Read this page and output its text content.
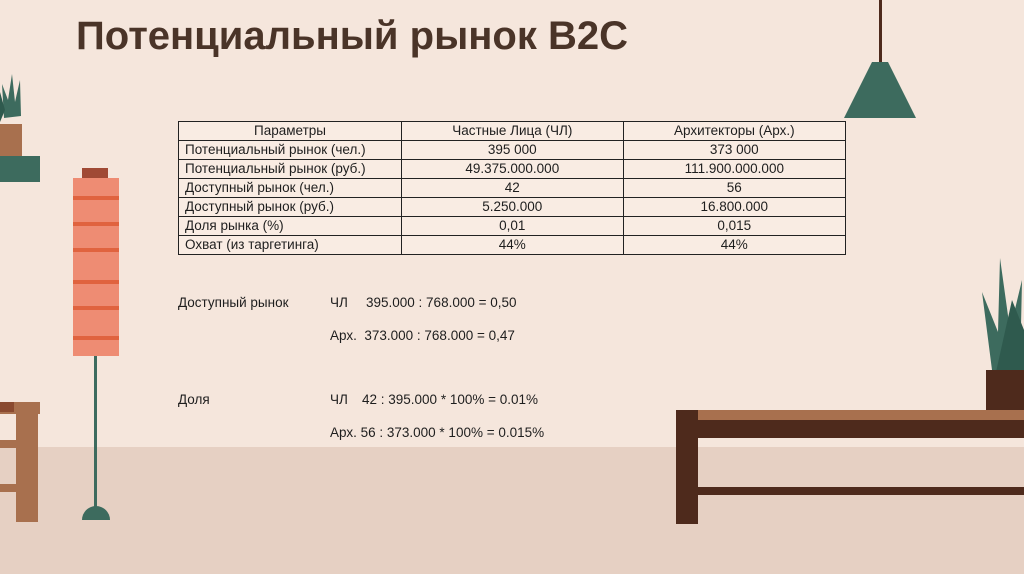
Потенциальный рынок B2C
Параметры	Частные Лица (ЧЛ)	Архитекторы (Арх.)
Потенциальный рынок (чел.)	395 000	373 000
Потенциальный рынок (руб.)	49.375.000.000	111.900.000.000
Доступный рынок (чел.)	42	56
Доступный рынок (руб.)	5.250.000	16.800.000
Доля рынка (%)	0,01	0,015
Охват (из таргетинга)	44%	44%
Доступный рынок	ЧЛ 395.000 : 768.000 = 0,50
Арх.  373.000 : 768.000 = 0,47
Доля	ЧЛ 42 : 395.000 * 100% = 0.01%
Арх. 56 : 373.000 * 100% = 0.015%
